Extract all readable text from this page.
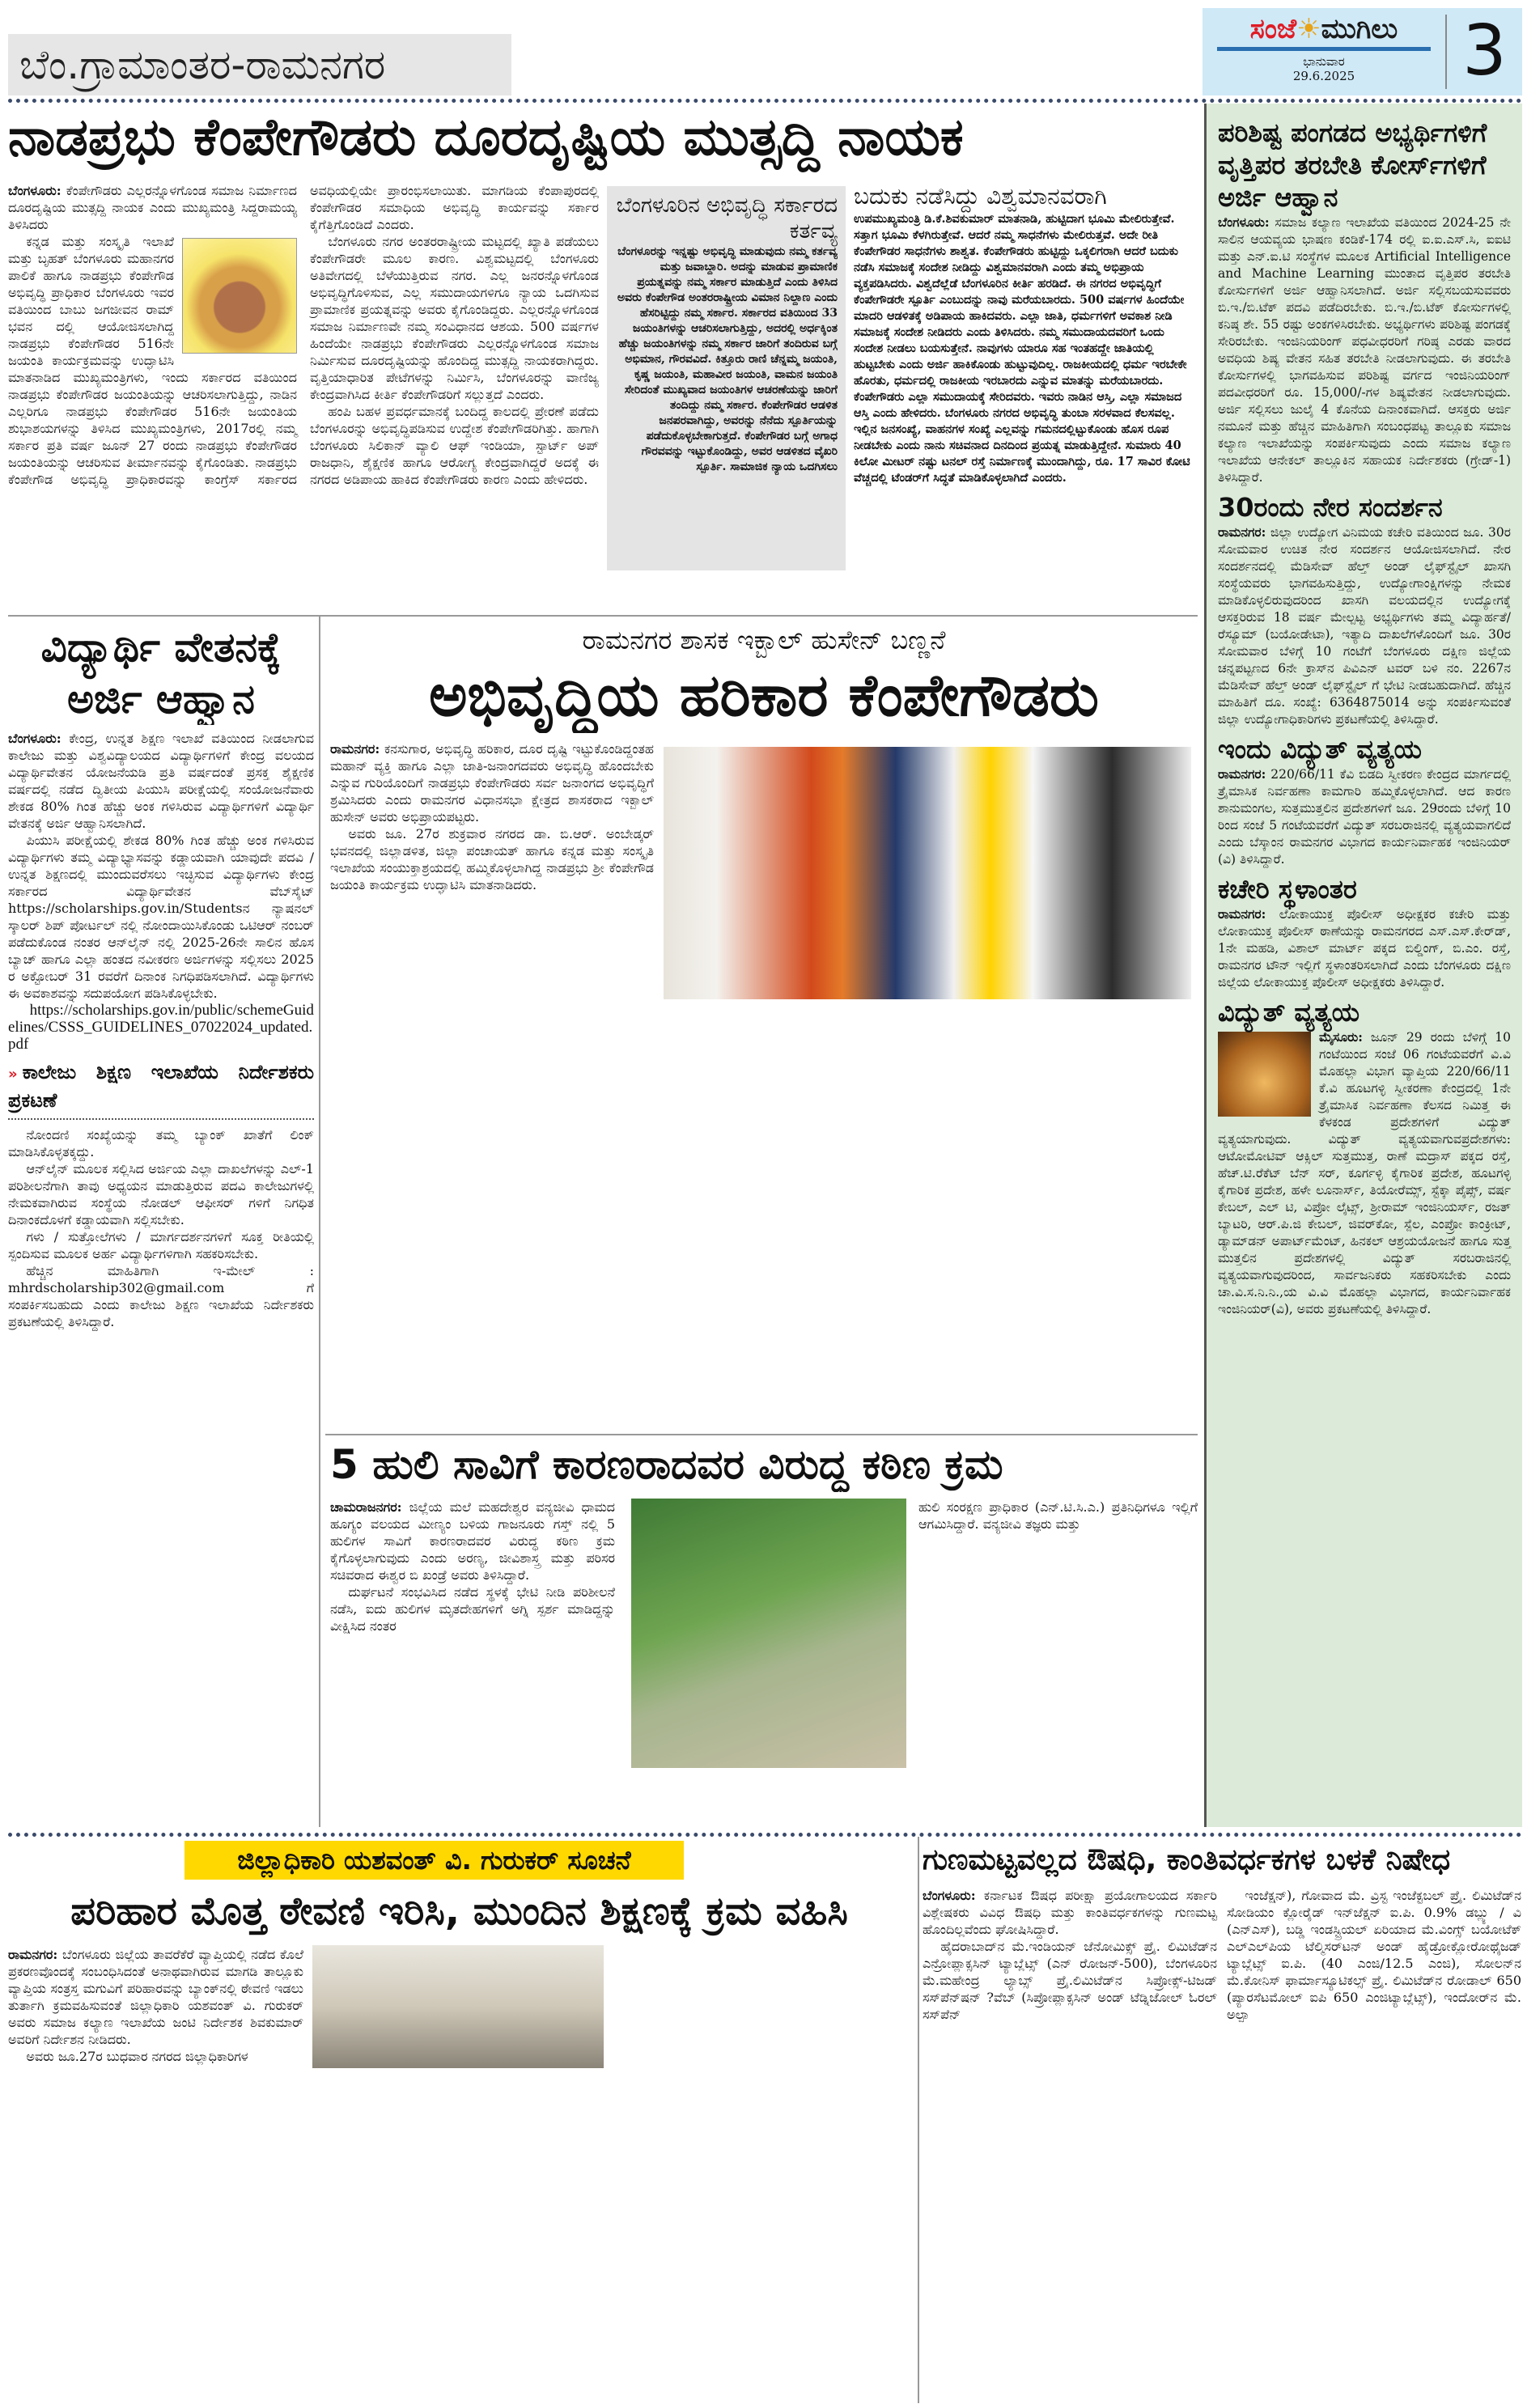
ಬೆಂ.ಗ್ರಾಮಾಂತರ-ರಾಮನಗರ
ಸಂಜೆ☀ಮುಗಿಲು
ಭಾನುವಾರ
29.6.2025	3
ನಾಡಪ್ರಭು ಕೆಂಪೇಗೌಡರು ದೂರದೃಷ್ಟಿಯ ಮುತ್ಸದ್ದಿ ನಾಯಕ

ಬೆಂಗಳೂರು: ಕೆಂಪೇಗೌಡರು ಎಲ್ಲರನ್ನೊಳಗೊಂಡ ಸಮಾಜ ನಿರ್ಮಾಣದ ದೂರದೃಷ್ಟಿಯ ಮುತ್ಸದ್ದಿ ನಾಯಕ ಎಂದು ಮುಖ್ಯಮಂತ್ರಿ ಸಿದ್ದರಾಮಯ್ಯ ತಿಳಿಸಿದರು

ಕನ್ನಡ ಮತ್ತು ಸಂಸ್ಕೃತಿ ಇಲಾಖೆ ಮತ್ತು ಬೃಹತ್ ಬೆಂಗಳೂರು ಮಹಾನಗರ ಪಾಲಿಕೆ ಹಾಗೂ ನಾಡಪ್ರಭು ಕೆಂಪೇಗೌಡ ಅಭಿವೃದ್ಧಿ ಪ್ರಾಧಿಕಾರ ಬೆಂಗಳೂರು ಇವರ ವತಿಯಿಂದ ಬಾಬು ಜಗಜೀವನ ರಾಮ್ ಭವನ ದಲ್ಲಿ ಆಯೋಜಿಸಲಾಗಿದ್ದ ನಾಡಪ್ರಭು ಕೆಂಪೇಗೌಡರ 516ನೇ ಜಯಂತಿ ಕಾರ್ಯಕ್ರಮವನ್ನು ಉದ್ಘಾಟಿಸಿ ಮಾತನಾಡಿದ ಮುಖ್ಯಮಂತ್ರಿಗಳು, ಇಂದು ಸರ್ಕಾರದ ವತಿಯಿಂದ ನಾಡಪ್ರಭು ಕೆಂಪೇಗೌಡರ ಜಯಂತಿಯನ್ನು ಆಚರಿಸಲಾಗುತ್ತಿದ್ದು, ನಾಡಿನ ಎಲ್ಲರಿಗೂ ನಾಡಪ್ರಭು ಕೆಂಪೇಗೌಡರ 516ನೇ ಜಯಂತಿಯ ಶುಭಾಶಯಗಳನ್ನು ತಿಳಿಸಿದ ಮುಖ್ಯಮಂತ್ರಿಗಳು, 2017ರಲ್ಲಿ ನಮ್ಮ ಸರ್ಕಾರ ಪ್ರತಿ ವರ್ಷ ಜೂನ್ 27 ರಂದು ನಾಡಪ್ರಭು ಕೆಂಪೇಗೌಡರ ಜಯಂತಿಯನ್ನು ಆಚರಿಸುವ ತೀರ್ಮಾನವನ್ನು ಕೈಗೊಂಡಿತು. ನಾಡಪ್ರಭು ಕೆಂಪೇಗೌಡ ಅಭಿವೃದ್ಧಿ ಪ್ರಾಧಿಕಾರವನ್ನು ಕಾಂಗ್ರೆಸ್ ಸರ್ಕಾರದ ಅವಧಿಯಲ್ಲಿಯೇ ಪ್ರಾರಂಭಿಸಲಾಯಿತು. ಮಾಗಡಿಯ ಕೆಂಪಾಪುರದಲ್ಲಿ ಕೆಂಪೇಗೌಡರ ಸಮಾಧಿಯ ಅಭಿವೃದ್ಧಿ ಕಾರ್ಯವನ್ನು ಸರ್ಕಾರ ಕೈಗೆತ್ತಿಗೊಂಡಿದೆ ಎಂದರು.

ಬೆಂಗಳೂರು ನಗರ ಅಂತರರಾಷ್ಟ್ರೀಯ ಮಟ್ಟದಲ್ಲಿ ಖ್ಯಾತಿ ಪಡೆಯಲು ಕೆಂಪೇಗೌಡರೇ ಮೂಲ ಕಾರಣ. ವಿಶ್ವಮಟ್ಟದಲ್ಲಿ ಬೆಂಗಳೂರು ಅತಿವೇಗದಲ್ಲಿ ಬೆಳೆಯುತ್ತಿರುವ ನಗರ. ಎಲ್ಲ ಜನರನ್ನೊಳಗೊಂಡ ಅಭಿವೃದ್ಧಿಗೊಳಿಸುವ, ಎಲ್ಲ ಸಮುದಾಯಗಳಿಗೂ ನ್ಯಾಯ ಒದಗಿಸುವ ಪ್ರಾಮಾಣಿಕ ಪ್ರಯತ್ನವನ್ನು ಅವರು ಕೈಗೊಂಡಿದ್ದರು. ಎಲ್ಲರನ್ನೊಳಗೊಂಡ ಸಮಾಜ ನಿರ್ಮಾಣವೇ ನಮ್ಮ ಸಂವಿಧಾನದ ಆಶಯ. 500 ವರ್ಷಗಳ ಹಿಂದೆಯೇ ನಾಡಪ್ರಭು ಕೆಂಪೇಗೌಡರು ಎಲ್ಲರನ್ನೊಳಗೊಂಡ ಸಮಾಜ ನಿರ್ಮಿಸುವ ದೂರದೃಷ್ಟಿಯನ್ನು ಹೊಂದಿದ್ದ ಮುತ್ಸದ್ದಿ ನಾಯಕರಾಗಿದ್ದರು. ವೃತ್ತಿಯಾಧಾರಿತ ಪೇಟೆಗಳನ್ನು ನಿರ್ಮಿಸಿ, ಬೆಂಗಳೂರನ್ನು ವಾಣಿಜ್ಯ ಕೇಂದ್ರವಾಗಿಸಿದ ಕೀರ್ತಿ ಕೆಂಪೇಗೌಡರಿಗೆ ಸಲ್ಲುತ್ತದೆ ಎಂದರು.

ಹಂಪಿ ಬಹಳ ಪ್ರವರ್ಧಮಾನಕ್ಕೆ ಬಂದಿದ್ದ ಕಾಲದಲ್ಲಿ ಪ್ರೇರಣೆ ಪಡೆದು ಬೆಂಗಳೂರನ್ನು ಅಭಿವೃದ್ಧಿಪಡಿಸುವ ಉದ್ದೇಶ ಕೆಂಪೇಗೌಡರಿಗಿತ್ತು. ಹಾಗಾಗಿ ಬೆಂಗಳೂರು ಸಿಲಿಕಾನ್ ವ್ಯಾಲಿ ಆಫ್ ಇಂಡಿಯಾ, ಸ್ಟಾರ್ಟ್ ಅಪ್ ರಾಜಧಾನಿ, ಶೈಕ್ಷಣಿಕ ಹಾಗೂ ಆರೋಗ್ಯ ಕೇಂದ್ರವಾಗಿದ್ದರೆ ಅದಕ್ಕೆ ಈ ನಗರದ ಅಡಿಪಾಯ ಹಾಕಿದ ಕೆಂಪೇಗೌಡರು ಕಾರಣ ಎಂದು ಹೇಳಿದರು.

ಬೆಂಗಳೂರಿನ ಅಭಿವೃದ್ಧಿ ಸರ್ಕಾರದ ಕರ್ತವ್ಯ
ಬೆಂಗಳೂರನ್ನು ಇನ್ನಷ್ಟು ಅಭಿವೃದ್ಧಿ ಮಾಡುವುದು ನಮ್ಮ ಕರ್ತವ್ಯ ಮತ್ತು ಜವಾಬ್ದಾರಿ. ಅದನ್ನು ಮಾಡುವ ಪ್ರಾಮಾಣಿಕ ಪ್ರಯತ್ನವನ್ನು ನಮ್ಮ ಸರ್ಕಾರ ಮಾಡುತ್ತಿದೆ ಎಂದು ತಿಳಿಸಿದ ಅವರು ಕೆಂಪೇಗೌಡ ಅಂತರರಾಷ್ಟ್ರೀಯ ವಿಮಾನ ನಿಲ್ದಾಣ ಎಂದು ಹೆಸರಿಟ್ಟಿದ್ದು ನಮ್ಮ ಸರ್ಕಾರ. ಸರ್ಕಾರದ ವತಿಯಿಂದ 33 ಜಯಂತಿಗಳನ್ನು ಆಚರಿಸಲಾಗುತ್ತಿದ್ದು, ಅದರಲ್ಲಿ ಅರ್ಧಕ್ಕಿಂತ ಹೆಚ್ಚು ಜಯಂತಿಗಳನ್ನು ನಮ್ಮ ಸರ್ಕಾರ ಜಾರಿಗೆ ತಂದಿರುವ ಬಗ್ಗೆ ಅಭಿಮಾನ, ಗೌರವವಿದೆ. ಕಿತ್ತೂರು ರಾಣಿ ಚೆನ್ನಮ್ಮ ಜಯಂತಿ, ಕೃಷ್ಣ ಜಯಂತಿ, ಮಹಾವೀರ ಜಯಂತಿ, ವಾಮನ ಜಯಂತಿ ಸೇರಿದಂತೆ ಮುಖ್ಯವಾದ ಜಯಂತಿಗಳ ಆಚರಣೆಯನ್ನು ಜಾರಿಗೆ ತಂದಿದ್ದು ನಮ್ಮ ಸರ್ಕಾರ. ಕೆಂಪೇಗೌಡರ ಆಡಳಿತ ಜನಪರವಾಗಿದ್ದು, ಅವರನ್ನು ನೆನೆದು ಸ್ಪೂರ್ತಿಯನ್ನು ಪಡೆದುಕೊಳ್ಳಬೇಕಾಗುತ್ತದೆ. ಕೆಂಪೇಗೌಡರ ಬಗ್ಗೆ ಅಗಾಧ ಗೌರವವನ್ನು ಇಟ್ಟುಕೊಂಡಿದ್ದು, ಅವರ ಆಡಳಿತದ ವೈಖರಿ ಸ್ಪೂರ್ತಿ. ಸಾಮಾಜಿಕ ನ್ಯಾಯ ಒದಗಿಸಲು
ಬದುಕು ನಡೆಸಿದ್ದು ವಿಶ್ವಮಾನವರಾಗಿ
ಉಪಮುಖ್ಯಮಂತ್ರಿ ಡಿ.ಕೆ.ಶಿವಕುಮಾರ್ ಮಾತನಾಡಿ, ಹುಟ್ಟಿದಾಗ ಭೂಮಿ ಮೇಲಿರುತ್ತೇವೆ. ಸತ್ತಾಗ ಭೂಮಿ ಕೆಳಗಿರುತ್ತೇವೆ. ಆದರೆ ನಮ್ಮ ಸಾಧನೆಗಳು ಮೇಲಿರುತ್ತವೆ. ಅದೇ ರೀತಿ ಕೆಂಪೇಗೌಡರ ಸಾಧನೆಗಳು ಶಾಶ್ವತ. ಕೆಂಪೇಗೌಡರು ಹುಟ್ಟಿದ್ದು ಒಕ್ಕಲಿಗರಾಗಿ ಆದರೆ ಬದುಕು ನಡೆಸಿ ಸಮಾಜಕ್ಕೆ ಸಂದೇಶ ನೀಡಿದ್ದು ವಿಶ್ವಮಾನವರಾಗಿ ಎಂದು ತಮ್ಮ ಅಭಿಪ್ರಾಯ ವ್ಯಕ್ತಪಡಿಸಿದರು. ವಿಶ್ವದೆಲ್ಲೆಡೆ ಬೆಂಗಳೂರಿನ ಕೀರ್ತಿ ಹರಡಿದೆ. ಈ ನಗರದ ಅಭಿವೃದ್ಧಿಗೆ ಕೆಂಪೇಗೌಡರೇ ಸ್ಪೂರ್ತಿ ಎಂಬುದನ್ನು ನಾವು ಮರೆಯಬಾರದು. 500 ವರ್ಷಗಳ ಹಿಂದೆಯೇ ಮಾದರಿ ಆಡಳಿತಕ್ಕೆ ಅಡಿಪಾಯ ಹಾಕಿದವರು. ಎಲ್ಲಾ ಜಾತಿ, ಧರ್ಮಗಳಿಗೆ ಅವಕಾಶ ನೀಡಿ ಸಮಾಜಕ್ಕೆ ಸಂದೇಶ ನೀಡಿದರು ಎಂದು ತಿಳಿಸಿದರು. ನಮ್ಮ ಸಮುದಾಯದವರಿಗೆ ಒಂದು ಸಂದೇಶ ನೀಡಲು ಬಯಸುತ್ತೇನೆ. ನಾವುಗಳು ಯಾರೂ ಸಹ ಇಂತಹದ್ದೇ ಜಾತಿಯಲ್ಲಿ ಹುಟ್ಟಬೇಕು ಎಂದು ಅರ್ಜಿ ಹಾಕಿಕೊಂಡು ಹುಟ್ಟುವುದಿಲ್ಲ. ರಾಜಕೀಯದಲ್ಲಿ ಧರ್ಮ ಇರಬೇಕೇ ಹೊರತು, ಧರ್ಮದಲ್ಲಿ ರಾಜಕೀಯ ಇರಬಾರದು ಎನ್ನುವ ಮಾತನ್ನು ಮರೆಯಬಾರದು. ಕೆಂಪೇಗೌಡರು ಎಲ್ಲಾ ಸಮುದಾಯಕ್ಕೆ ಸೇರಿದವರು. ಇವರು ನಾಡಿನ ಆಸ್ತಿ, ಎಲ್ಲಾ ಸಮಾಜದ ಆಸ್ತಿ ಎಂದು ಹೇಳಿದರು. ಬೆಂಗಳೂರು ನಗರದ ಅಭಿವೃದ್ಧಿ ತುಂಬಾ ಸರಳವಾದ ಕೆಲಸವಲ್ಲ. ಇಲ್ಲಿನ ಜನಸಂಖ್ಯೆ, ವಾಹನಗಳ ಸಂಖ್ಯೆ ಎಲ್ಲವನ್ನು ಗಮನದಲ್ಲಿಟ್ಟುಕೊಂಡು ಹೊಸ ರೂಪ ನೀಡಬೇಕು ಎಂದು ನಾನು ಸಚಿವನಾದ ದಿನದಿಂದ ಪ್ರಯತ್ನ ಮಾಡುತ್ತಿದ್ದೇನೆ. ಸುಮಾರು 40 ಕಿಲೋ ಮೀಟರ್ ನಷ್ಟು ಟನಲ್ ರಸ್ತೆ ನಿರ್ಮಾಣಕ್ಕೆ ಮುಂದಾಗಿದ್ದು, ರೂ. 17 ಸಾವಿರ ಕೋಟಿ ವೆಚ್ಚದಲ್ಲಿ ಟೆಂಡರ್‌ಗೆ ಸಿದ್ಧತೆ ಮಾಡಿಕೊಳ್ಳಲಾಗಿದೆ ಎಂದರು.
ವಿದ್ಯಾರ್ಥಿ ವೇತನಕ್ಕೆ ಅರ್ಜಿ ಆಹ್ವಾನ

ಬೆಂಗಳೂರು: ಕೇಂದ್ರ, ಉನ್ನತ ಶಿಕ್ಷಣ ಇಲಾಖೆ ವತಿಯಿಂದ ನೀಡಲಾಗುವ ಕಾಲೇಜು ಮತ್ತು ವಿಶ್ವವಿದ್ಯಾಲಯದ ವಿದ್ಯಾರ್ಥಿಗಳಿಗೆ ಕೇಂದ್ರ ವಲಯದ ವಿದ್ಯಾರ್ಥಿವೇತನ ಯೋಜನೆಯಡಿ ಪ್ರತಿ ವರ್ಷದಂತೆ ಪ್ರಸಕ್ತ ಶೈಕ್ಷಣಿಕ ವರ್ಷದಲ್ಲಿ ನಡೆದ ದ್ವಿತೀಯ ಪಿಯುಸಿ ಪರೀಕ್ಷೆಯಲ್ಲಿ ಸಂಯೋಜನೆವಾರು ಶೇಕಡ 80% ಗಿಂತ ಹೆಚ್ಚು ಅಂಕ ಗಳಿಸಿರುವ ವಿದ್ಯಾರ್ಥಿಗಳಿಗೆ ವಿದ್ಯಾರ್ಥಿ ವೇತನಕ್ಕೆ ಅರ್ಜಿ ಆಹ್ವಾನಿಸಲಾಗಿದೆ.

ಪಿಯುಸಿ ಪರೀಕ್ಷೆಯಲ್ಲಿ ಶೇಕಡ 80% ಗಿಂತ ಹೆಚ್ಚು ಅಂಕ ಗಳಿಸಿರುವ ವಿದ್ಯಾರ್ಥಿಗಳು ತಮ್ಮ ವಿದ್ಯಾಭ್ಯಾಸವನ್ನು ಕಡ್ಡಾಯವಾಗಿ ಯಾವುದೇ ಪದವಿ / ಉನ್ನತ ಶಿಕ್ಷಣದಲ್ಲಿ ಮುಂದುವರೆಸಲು ಇಚ್ಛಿಸುವ ವಿದ್ಯಾರ್ಥಿಗಳು ಕೇಂದ್ರ ಸರ್ಕಾರದ ವಿದ್ಯಾರ್ಥಿವೇತನ ವೆಬ್‌ಸೈಟ್ https://scholarships.gov.in/Studentsನ ನ್ಯಾಷನಲ್ ಸ್ಕಾಲರ್ ಶಿಪ್ ಪೋರ್ಟಲ್ ನಲ್ಲಿ ನೋಂದಾಯಿಸಿಕೊಂಡು ಒಟಿಆರ್ ನಂಬರ್ ಪಡೆದುಕೊಂಡ ನಂತರ ಆನ್‌ಲೈನ್ ನಲ್ಲಿ 2025-26ನೇ ಸಾಲಿನ ಹೊಸ ಬ್ಯಾಚ್ ಹಾಗೂ ಎಲ್ಲಾ ಹಂತದ ನವೀಕರಣ ಅರ್ಜಿಗಳನ್ನು ಸಲ್ಲಿಸಲು 2025 ರ ಅಕ್ಟೋಬರ್ 31 ರವರೆಗೆ ದಿನಾಂಕ ನಿಗಧಿಪಡಿಸಲಾಗಿದೆ. ವಿದ್ಯಾರ್ಥಿಗಳು ಈ ಅವಕಾಶವನ್ನು ಸದುಪಯೋಗ ಪಡಿಸಿಕೊಳ್ಳಬೇಕು.

https://scholarships.gov.in/public/schemeGuidelines/CSSS_GUIDELINES_07022024_updated.pdf

» ಕಾಲೇಜು ಶಿಕ್ಷಣ ಇಲಾಖೆಯ ನಿರ್ದೇಶಕರು ಪ್ರಕಟಣೆ

ನೋಂದಣಿ ಸಂಖ್ಯೆಯನ್ನು ತಮ್ಮ ಬ್ಯಾಂಕ್ ಖಾತೆಗೆ ಲಿಂಕ್ ಮಾಡಿಸಿಕೊಳ್ಳತಕ್ಕದ್ದು.

ಆನ್‌ಲೈನ್ ಮೂಲಕ ಸಲ್ಲಿಸಿದ ಅರ್ಜಿಯ ಎಲ್ಲಾ ದಾಖಲೆಗಳನ್ನು ಎಲ್-1 ಪರಿಶೀಲನೆಗಾಗಿ ತಾವು ಅಧ್ಯಯನ ಮಾಡುತ್ತಿರುವ ಪದವಿ ಕಾಲೇಜುಗಳಲ್ಲಿ ನೇಮಕವಾಗಿರುವ ಸಂಸ್ಥೆಯ ನೋಡಲ್ ಆಫೀಸರ್ ಗಳಿಗೆ ನಿಗಧಿತ ದಿನಾಂಕದೊಳಗೆ ಕಡ್ಡಾಯವಾಗಿ ಸಲ್ಲಿಸಬೇಕು.

ಗಳು / ಸುತ್ತೋಲೆಗಳು / ಮಾರ್ಗದರ್ಶನಗಳಿಗೆ ಸೂಕ್ತ ರೀತಿಯಲ್ಲಿ ಸ್ಪಂದಿಸುವ ಮೂಲಕ ಅರ್ಹ ವಿದ್ಯಾರ್ಥಿಗಳಿಗಾಗಿ ಸಹಕರಿಸಬೇಕು.

ಹೆಚ್ಚಿನ ಮಾಹಿತಿಗಾಗಿ ಇ-ಮೇಲ್ : mhrdscholarship302@gmail.com ಗೆ ಸಂಪರ್ಕಿಸಬಹುದು ಎಂದು ಕಾಲೇಜು ಶಿಕ್ಷಣ ಇಲಾಖೆಯ ನಿರ್ದೇಶಕರು ಪ್ರಕಟಣೆಯಲ್ಲಿ ತಿಳಿಸಿದ್ದಾರೆ.

ರಾಮನಗರ ಶಾಸಕ ಇಕ್ಬಾಲ್ ಹುಸೇನ್ ಬಣ್ಣನೆ
ಅಭಿವೃದ್ಧಿಯ ಹರಿಕಾರ ಕೆಂಪೇಗೌಡರು

ರಾಮನಗರ: ಕನಸುಗಾರ, ಅಭಿವೃದ್ಧಿ ಹರಿಕಾರ, ದೂರ ದೃಷ್ಟಿ ಇಟ್ಟುಕೊಂಡಿದ್ದಂತಹ ಮಹಾನ್ ವ್ಯಕ್ತಿ ಹಾಗೂ ಎಲ್ಲಾ ಜಾತಿ-ಜನಾಂಗದವರು ಅಭಿವೃದ್ಧಿ ಹೊಂದಬೇಕು ಎನ್ನುವ ಗುರಿಯೊಂದಿಗೆ ನಾಡಪ್ರಭು ಕೆಂಪೇಗೌಡರು ಸರ್ವ ಜನಾಂಗದ ಅಭಿವೃದ್ಧಿಗೆ ಶ್ರಮಿಸಿದರು ಎಂದು ರಾಮನಗರ ವಿಧಾನಸಭಾ ಕ್ಷೇತ್ರದ ಶಾಸಕರಾದ ಇಕ್ಬಾಲ್ ಹುಸೇನ್ ಅವರು ಅಭಿಪ್ರಾಯಪಟ್ಟರು.

ಅವರು ಜೂ. 27ರ ಶುಕ್ರವಾರ ನಗರದ ಡಾ. ಬಿ.ಆರ್. ಅಂಬೇಡ್ಕರ್ ಭವನದಲ್ಲಿ ಜಿಲ್ಲಾಡಳಿತ, ಜಿಲ್ಲಾ ಪಂಚಾಯತ್ ಹಾಗೂ ಕನ್ನಡ ಮತ್ತು ಸಂಸ್ಕೃತಿ ಇಲಾಖೆಯ ಸಂಯುಕ್ತಾಶ್ರಯದಲ್ಲಿ ಹಮ್ಮಿಕೊಳ್ಳಲಾಗಿದ್ದ ನಾಡಪ್ರಭು ಶ್ರೀ ಕೆಂಪೇಗೌಡ ಜಯಂತಿ ಕಾರ್ಯಕ್ರಮ ಉದ್ಘಾಟಿಸಿ ಮಾತನಾಡಿದರು.

5 ಹುಲಿ ಸಾವಿಗೆ ಕಾರಣರಾದವರ ವಿರುದ್ಧ ಕಠಿಣ ಕ್ರಮ

ಚಾಮರಾಜನಗರ: ಜಿಲ್ಲೆಯ ಮಲೆ ಮಹದೇಶ್ವರ ವನ್ಯಜೀವಿ ಧಾಮದ ಹೂಗ್ಯಂ ವಲಯದ ಮೀಣ್ಯಂ ಬಳಿಯ ಗಾಜನೂರು ಗಸ್ತ್ ನಲ್ಲಿ 5 ಹುಲಿಗಳ ಸಾವಿಗೆ ಕಾರಣರಾದವರ ವಿರುದ್ಧ ಕಠಿಣ ಕ್ರಮ ಕೈಗೊಳ್ಳಲಾಗುವುದು ಎಂದು ಅರಣ್ಯ, ಜೀವಿಶಾಸ್ತ್ರ ಮತ್ತು ಪರಿಸರ ಸಚಿವರಾದ ಈಶ್ವರ ಬಿ ಖಂಡ್ರೆ ಅವರು ತಿಳಿಸಿದ್ದಾರೆ.

ದುರ್ಘಟನೆ ಸಂಭವಿಸಿದ ನಡೆದ ಸ್ಥಳಕ್ಕೆ ಭೇಟಿ ನೀಡಿ ಪರಿಶೀಲನೆ ನಡೆಸಿ, ಐದು ಹುಲಿಗಳ ಮೃತದೇಹಗಳಿಗೆ ಅಗ್ನಿ ಸ್ಪರ್ಶ ಮಾಡಿದ್ದನ್ನು ವೀಕ್ಷಿಸಿದ ನಂತರ

ಹುಲಿ ಸಂರಕ್ಷಣ ಪ್ರಾಧಿಕಾರ (ಎನ್.ಟಿ.ಸಿ.ಎ.) ಪ್ರತಿನಿಧಿಗಳೂ ಇಲ್ಲಿಗೆ ಆಗಮಿಸಿದ್ದಾರೆ. ವನ್ಯಜೀವಿ ತಜ್ಞರು ಮತ್ತು

ಪರಿಶಿಷ್ಟ ಪಂಗಡದ ಅಭ್ಯರ್ಥಿಗಳಿಗೆ ವೃತ್ತಿಪರ ತರಬೇತಿ ಕೋರ್ಸ್‌ಗಳಿಗೆ ಅರ್ಜಿ ಆಹ್ವಾನ
ಬೆಂಗಳೂರು: ಸಮಾಜ ಕಲ್ಯಾಣ ಇಲಾಖೆಯ ವತಿಯಿಂದ 2024-25 ನೇ ಸಾಲಿನ ಆಯವ್ಯಯ ಭಾಷಣ ಕಂಡಿಕೆ-174 ರಲ್ಲಿ ಐ.ಐ.ಎಸ್.ಸಿ, ಐಐಟಿ ಮತ್ತು ಎನ್.ಐ.ಟಿ ಸಂಸ್ಥೆಗಳ ಮೂಲಕ Artificial Intelligence and Machine Learning ಮುಂತಾದ ವೃತ್ತಿಪರ ತರಬೇತಿ ಕೋರ್ಸುಗಳಿಗೆ ಅರ್ಜಿ ಆಹ್ವಾನಿಸಲಾಗಿದೆ. ಅರ್ಜಿ ಸಲ್ಲಿಸಬಯಸುವವರು ಬಿ.ಇ./ಬಿ.ಟೆಕ್ ಪದವಿ ಪಡೆದಿರಬೇಕು. ಬಿ.ಇ./ಬಿ.ಟೆಕ್ ಕೋರ್ಸುಗಳಲ್ಲಿ ಕನಿಷ್ಠ ಶೇ. 55 ರಷ್ಟು ಅಂಕಗಳಿಸಿರಬೇಕು. ಅಭ್ಯರ್ಥಿಗಳು ಪರಿಶಿಷ್ಟ ಪಂಗಡಕ್ಕೆ ಸೇರಿರಬೇಕು. ಇಂಜಿನಿಯರಿಂಗ್ ಪಧವೀಧರರಿಗೆ ಗರಿಷ್ಠ ಎರಡು ವಾರದ ಅವಧಿಯ ಶಿಷ್ಯ ವೇತನ ಸಹಿತ ತರಬೇತಿ ನೀಡಲಾಗುವುದು. ಈ ತರಬೇತಿ ಕೋರ್ಸುಗಳಲ್ಲಿ ಭಾಗವಹಿಸುವ ಪರಿಶಿಷ್ಟ ವರ್ಗದ ಇಂಜಿನಿಯರಿಂಗ್ ಪದವೀಧರರಿಗೆ ರೂ. 15,000/-ಗಳ ಶಿಷ್ಯವೇತನ ನೀಡಲಾಗುವುದು. ಅರ್ಜಿ ಸಲ್ಲಿಸಲು ಜುಲೈ 4 ಕೊನೆಯ ದಿನಾಂಕವಾಗಿದೆ. ಆಸಕ್ತರು ಅರ್ಜಿ ನಮೂನೆ ಮತ್ತು ಹೆಚ್ಚಿನ ಮಾಹಿತಿಗಾಗಿ ಸಂಬಂಧಪಟ್ಟ ತಾಲ್ಲೂಕು ಸಮಾಜ ಕಲ್ಯಾಣ ಇಲಾಖೆಯನ್ನು ಸಂಪರ್ಕಿಸುವುದು ಎಂದು ಸಮಾಜ ಕಲ್ಯಾಣ ಇಲಾಖೆಯ ಆನೇಕಲ್ ತಾಲ್ಲೂಕಿನ ಸಹಾಯಕ ನಿರ್ದೇಶಕರು (ಗ್ರೇಡ್-1) ತಿಳಿಸಿದ್ದಾರೆ.
30ರಂದು ನೇರ ಸಂದರ್ಶನ
ರಾಮನಗರ: ಜಿಲ್ಲಾ ಉದ್ಯೋಗ ವಿನಿಮಯ ಕಚೇರಿ ವತಿಯಿಂದ ಜೂ. 30ರ ಸೋಮವಾರ ಉಚಿತ ನೇರ ಸಂದರ್ಶನ ಆಯೋಜಿಸಲಾಗಿದೆ. ನೇರ ಸಂದರ್ಶನದಲ್ಲಿ ಮೆಡಿಸೇವ್ ಹೆಲ್ತ್ ಅಂಡ್ ಲೈಫ್‌ಸ್ಟೈಲ್ ಖಾಸಗಿ ಸಂಸ್ಥೆಯವರು ಭಾಗವಹಿಸುತ್ತಿದ್ದು, ಉದ್ಯೋಗಾಂಕ್ಷಿಗಳನ್ನು ನೇಮಕ ಮಾಡಿಕೊಳ್ಳಲಿರುವುದರಿಂದ ಖಾಸಗಿ ವಲಯದಲ್ಲಿನ ಉದ್ಯೋಗಕ್ಕೆ ಆಸಕ್ತರಿರುವ 18 ವರ್ಷ ಮೇಲ್ಪಟ್ಟ ಅಭ್ಯರ್ಥಿಗಳು ತಮ್ಮ ವಿದ್ಯಾರ್ಹತೆ/ರೆಸ್ಯೂಮ್ (ಬಯೋಡೇಟಾ), ಇತ್ಯಾದಿ ದಾಖಲೆಗಳೊಂದಿಗೆ ಜೂ. 30ರ ಸೋಮವಾರ ಬೆಳಿಗ್ಗೆ 10 ಗಂಟೆಗೆ ಬೆಂಗಳೂರು ದಕ್ಷಿಣ ಜಿಲ್ಲೆಯ ಚನ್ನಪಟ್ಟಣದ 6ನೇ ಕ್ರಾಸ್‌ನ ಪಿವಿಎನ್ ಟವರ್ ಬಳಿ ನಂ. 2267ನ ಮೆಡಿಸೇವ್ ಹೆಲ್ತ್ ಅಂಡ್ ಲೈಫ್‌ಸ್ಟೈಲ್ ಗೆ ಭೇಟಿ ನೀಡಬಹುದಾಗಿದೆ. ಹೆಚ್ಚಿನ ಮಾಹಿತಿಗೆ ದೂ. ಸಂಖ್ಯೆ: 6364875014 ಅನ್ನು ಸಂಪರ್ಕಿಸುವಂತೆ ಜಿಲ್ಲಾ ಉದ್ಯೋಗಾಧಿಕಾರಿಗಳು ಪ್ರಕಟಣೆಯಲ್ಲಿ ತಿಳಿಸಿದ್ದಾರೆ.
ಇಂದು ವಿದ್ಯುತ್ ವ್ಯತ್ಯಯ
ರಾಮನಗರ: 220/66/11 ಕೆವಿ ಬಿಡದಿ ಸ್ವೀಕರಣ ಕೇಂದ್ರದ ಮಾರ್ಗದಲ್ಲಿ ತ್ರೈಮಾಸಿಕ ನಿರ್ವಹಣಾ ಕಾಮಗಾರಿ ಹಮ್ಮಿಕೊಳ್ಳಲಾಗಿದೆ. ಆದ ಕಾರಣ ಶಾನುಮಂಗಲ, ಸುತ್ತಮುತ್ತಲಿನ ಪ್ರದೇಶಗಳಿಗೆ ಜೂ. 29ರಂದು ಬೆಳಿಗ್ಗೆ 10 ರಿಂದ ಸಂಜೆ 5 ಗಂಟೆಯವರೆಗೆ ವಿದ್ಯುತ್ ಸರಬರಾಜಿನಲ್ಲಿ ವ್ಯತ್ಯಯವಾಗಲಿದೆ ಎಂದು ಬೆಸ್ಕಾಂನ ರಾಮನಗರ ವಿಭಾಗದ ಕಾರ್ಯನಿರ್ವಾಹಕ ಇಂಜಿನಿಯರ್ (ವಿ) ತಿಳಿಸಿದ್ದಾರೆ.
ಕಚೇರಿ ಸ್ಥಳಾಂತರ
ರಾಮನಗರ: ಲೋಕಾಯುಕ್ತ ಪೊಲೀಸ್ ಅಧೀಕ್ಷಕರ ಕಚೇರಿ ಮತ್ತು ಲೋಕಾಯುಕ್ತ ಪೊಲೀಸ್ ಠಾಣೆಯನ್ನು ರಾಮನಗರದ ಎಸ್.ಎಸ್.ಕೇರ್‌ಡ್, 1ನೇ ಮಹಡಿ, ವಿಶಾಲ್ ಮಾರ್ಟ್ ಪಕ್ಕದ ಬಿಲ್ಡಿಂಗ್, ಬಿ.ಎಂ. ರಸ್ತೆ, ರಾಮನಗರ ಟೌನ್ ಇಲ್ಲಿಗೆ ಸ್ಥಳಾಂತರಿಸಲಾಗಿದೆ ಎಂದು ಬೆಂಗಳೂರು ದಕ್ಷಿಣ ಜಿಲ್ಲೆಯ ಲೋಕಾಯುಕ್ತ ಪೊಲೀಸ್ ಅಧೀಕ್ಷಕರು ತಿಳಿಸಿದ್ದಾರೆ.
ವಿದ್ಯುತ್ ವ್ಯತ್ಯಯ
ಮೈಸೂರು: ಜೂನ್ 29 ರಂದು ಬೆಳಿಗ್ಗೆ 10 ಗಂಟೆಯಿಂದ ಸಂಜೆ 06 ಗಂಟೆಯವರೆಗೆ ವಿ.ವಿ ಮೊಹಲ್ಲಾ ವಿಭಾಗ ವ್ಯಾಪ್ತಿಯ 220/66/11 ಕೆ.ವಿ ಹೂಟಗಳ್ಳಿ ಸ್ವೀಕರಣಾ ಕೇಂದ್ರದಲ್ಲಿ 1ನೇ ತ್ರೈಮಾಸಿಕ ನಿರ್ವಹಣಾ ಕೆಲಸದ ನಿಮಿತ್ತ ಈ ಕೆಳಕಂಡ ಪ್ರದೇಶಗಳಿಗೆ ವಿದ್ಯುತ್ ವ್ಯತ್ಯಯಾಗುವುದು. ವಿದ್ಯುತ್ ವ್ಯತ್ಯಯವಾಗುವಪ್ರದೇಶಗಳು: ಆಟೋಮೋಟಿವ್ ಆಕ್ಸಿಲ್ ಸುತ್ತಮುತ್ತ, ರಾಣೆ ಮದ್ರಾಸ್ ಪಕ್ಕದ ರಸ್ತೆ, ಹೆಚ್.ಟಿ.ರೆಕೆಟ್ ಬೆನ್ ಸರ್, ಕೂರ್ಗಳ್ಳಿ ಕೈಗಾರಿಕ ಪ್ರದೇಶ, ಹೂಟಗಳ್ಳಿ ಕೈಗಾರಿಕ ಪ್ರದೇಶ, ಹಳೇ ಲೂನಾರ್ಸ್, ತಿಯೋರೆಮ್ಸ್, ಸ್ಟೆಕ್ಕಾ ಪೈಪ್ಸ್, ವರ್ಷ ಕೇಬಲ್, ಎಲ್ ಟಿ, ವಿಪ್ರೋ ಲೈಟ್ಸ್, ಶ್ರೀರಾಮ್ ಇಂಜಿನಿಯರ್ಸ್, ರಜತ್ ಬ್ಯಾಟರಿ, ಆರ್.ಪಿ.ಜಿ ಕೇಬಲ್, ಜಿವರ್‌ಕೋ, ಸ್ಪೆಲ, ಎಂಪ್ರೋ ಕಾಂಕ್ರೀಟ್, ಡ್ಯಾಮ್‌ಡನ್ ಅಪಾರ್ಟ್‌ಮೆಂಟ್, ಹಿನಕಲ್ ಆಶ್ರಯಯೋಜನೆ ಹಾಗೂ ಸುತ್ತ ಮುತ್ತಲಿನ ಪ್ರದೇಶಗಳಲ್ಲಿ ವಿದ್ಯುತ್ ಸರಬರಾಜಿನಲ್ಲಿ ವ್ಯತ್ಯಯವಾಗುವುದರಿಂದ, ಸಾರ್ವಜನಿಕರು ಸಹಕರಿಸಬೇಕು ಎಂದು ಚಾ.ವಿ.ಸ.ನಿ.ನಿ.,ಯ ವಿ.ವಿ ಮೊಹಲ್ಲಾ ವಿಭಾಗದ, ಕಾರ್ಯನಿರ್ವಾಹಕ ಇಂಜಿನಿಯರ್(ವಿ), ಅವರು ಪ್ರಕಟಣೆಯಲ್ಲಿ ತಿಳಿಸಿದ್ದಾರೆ.
ಜಿಲ್ಲಾಧಿಕಾರಿ ಯಶವಂತ್ ವಿ. ಗುರುಕರ್ ಸೂಚನೆ
ಪರಿಹಾರ ಮೊತ್ತ ಠೇವಣಿ ಇರಿಸಿ, ಮುಂದಿನ ಶಿಕ್ಷಣಕ್ಕೆ ಕ್ರಮ ವಹಿಸಿ

ರಾಮನಗರ: ಬೆಂಗಳೂರು ಜಿಲ್ಲೆಯ ತಾವರೆಕೆರೆ ವ್ಯಾಪ್ತಿಯಲ್ಲಿ ನಡೆದ ಕೊಲೆ ಪ್ರಕರಣವೊಂದಕ್ಕೆ ಸಂಬಂಧಿಸಿದಂತೆ ಅನಾಥವಾಗಿರುವ ಮಾಗಡಿ ತಾಲ್ಲೂಕು ವ್ಯಾಪ್ತಿಯ ಸಂತ್ರಸ್ತ ಮಗುವಿಗೆ ಪರಿಹಾರವನ್ನು ಬ್ಯಾಂಕ್‌ನಲ್ಲಿ ಠೇವಣಿ ಇಡಲು ತುರ್ತಾಗಿ ಕ್ರಮವಹಿಸುವಂತೆ ಜಿಲ್ಲಾಧಿಕಾರಿ ಯಶವಂತ್ ವಿ. ಗುರುಕರ್ ಅವರು ಸಮಾಜ ಕಲ್ಯಾಣ ಇಲಾಖೆಯ ಜಂಟಿ ನಿರ್ದೇಶಕ ಶಿವಕುಮಾರ್ ಅವರಿಗೆ ನಿರ್ದೇಶನ ನೀಡಿದರು.

ಅವರು ಜೂ.27ರ ಬುಧವಾರ ನಗರದ ಜಿಲ್ಲಾಧಿಕಾರಿಗಳ

ಗುಣಮಟ್ಟವಲ್ಲದ ಔಷಧಿ, ಕಾಂತಿವರ್ಧಕಗಳ ಬಳಕೆ ನಿಷೇಧ

ಬೆಂಗಳೂರು: ಕರ್ನಾಟಕ ಔಷಧ ಪರೀಕ್ಷಾ ಪ್ರಯೋಗಾಲಯದ ಸರ್ಕಾರಿ ವಿಶ್ಲೇಷಕರು ವಿವಿಧ ಔಷಧಿ ಮತ್ತು ಕಾಂತಿವರ್ಧಕಗಳನ್ನು ಗುಣಮಟ್ಟ ಹೊಂದಿಲ್ಲವೆಂದು ಘೋಷಿಸಿದ್ದಾರೆ.

ಹೈದರಾಬಾದ್‌ನ ಮೆ.ಇಂಡಿಯನ್ ಜೆನೋಮಿಕ್ಸ್ ಪ್ರೈ. ಲಿಮಿಟೆಡ್‌ನ ಎನ್ರೋಪ್ಲಾಕ್ಸಸಿನ್ ಟ್ಯಾಬ್ಲೆಟ್ಸ್ (ಎನ್ ರೋಜನ್-500), ಬೆಂಗಳೂರಿನ ಮೆ.ಮಹೇಂದ್ರ ಲ್ಯಾಬ್ಸ್ ಪ್ರೈ.ಲಿಮಿಟೆಡ್‌ನ ಸಿಪ್ರೋಕ್ಸ್-ಟಿಜಡ್ ಸಸ್‌ಪೆನ್‌ಷನ್ ?ವೆಬ್ (ಸಿಪ್ರೋಪ್ಲಾಕ್ಸಸಿನ್ ಅಂಡ್ ಟೆಡ್ನಿಜೋಲ್ ಓರಲ್ ಸಸ್‌ಪೆನ್

ಇಂಜೆಕ್ಷನ್), ಗೋವಾದ ಮೆ. ವ್ರಿಸ್ಟ ಇಂಜೆಕ್ಟಬಲ್ ಪ್ರೈ. ಲಿಮಿಟೆಡ್‌ನ ಸೋಡಿಯಂ ಕ್ಲೋರೈಡ್ ಇನ್‌ಜೆಕ್ಷನ್ ಐ.ಪಿ. 0.9% ಡಬ್ಲ್ಯು / ವಿ (ಎನ್‌ಎಸ್), ಬಡ್ಡಿ ಇಂಡಸ್ಟ್ರಿಯಲ್ ಏರಿಯಾದ ಮೆ.ವಿಂಗ್ಸ್ ಬಯೋಟೆಕ್ ಎಲ್‌ಎಲ್‌ಪಿಯ ಟೆಲ್ಮಿಸರ್‌ಟನ್ ಅಂಡ್ ಹೈಡ್ರೋಕ್ಲೋರೋಥೈಜಡ್ ಟ್ಯಾಬ್ಲೆಟ್ಸ್ ಐ.ಪಿ. (40 ಎಂಜಿ/12.5 ಎಂಜಿ), ಸೋಲನ್‌ನ ಮೆ.ಕೋನಿಸ್ ಫಾರ್ಮಾಸ್ಯೂಟಿಕಲ್ಸ್ ಪ್ರೈ. ಲಿಮಿಟೆಡ್‌ನ ರೋಡಾಲ್ 650 (ಪ್ಯಾರಸೆಟಮೋಲ್ ಐಪಿ 650 ಎಂಜಿಟ್ಯಾಬ್ಲೆಟ್ಸ್), ಇಂದೋರ್‌ನ ಮೆ. ಅಲ್ಪಾ
